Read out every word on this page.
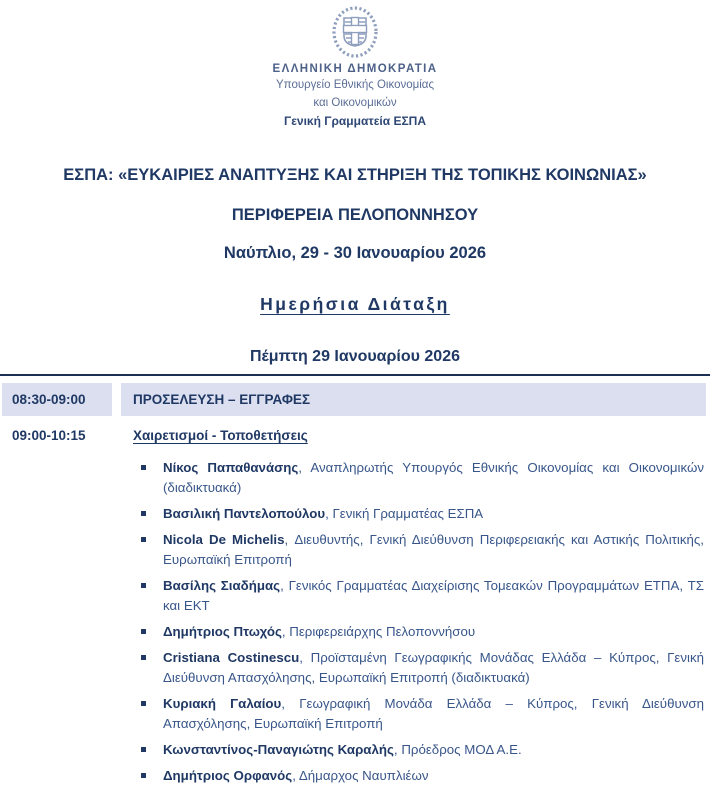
ΕΛΛΗΝΙΚΗ ΔΗΜΟΚΡΑΤΙΑ
Υπουργείο Εθνικής Οικονομίας
και Οικονομικών
Γενική Γραμματεία ΕΣΠΑ
ΕΣΠΑ: «ΕΥΚΑΙΡΙΕΣ ΑΝΑΠΤΥΞΗΣ ΚΑΙ ΣΤΗΡΙΞΗ ΤΗΣ ΤΟΠΙΚΗΣ ΚΟΙΝΩΝΙΑΣ»
ΠΕΡΙΦΕΡΕΙΑ ΠΕΛΟΠΟΝΝΗΣΟΥ
Ναύπλιο, 29 - 30 Ιανουαρίου 2026
Ημερήσια Διάταξη
Πέμπτη 29 Ιανουαρίου 2026
08:30-09:00	ΠΡΟΣΕΛΕΥΣΗ – ΕΓΓΡΑΦΕΣ
09:00-10:15	Χαιρετισμοί - Τοποθετήσεις
Νίκος Παπαθανάσης, Αναπληρωτής Υπουργός Εθνικής Οικονομίας και Οικονομικών (διαδικτυακά)
Βασιλική Παντελοπούλου, Γενική Γραμματέας ΕΣΠΑ
Nicola De Michelis, Διευθυντής, Γενική Διεύθυνση Περιφερειακής και Αστικής Πολιτικής, Ευρωπαϊκή Επιτροπή
Βασίλης Σιαδήμας, Γενικός Γραμματέας Διαχείρισης Τομεακών Προγραμμάτων ΕΤΠΑ, ΤΣ και ΕΚΤ
Δημήτριος Πτωχός, Περιφερειάρχης Πελοποννήσου
Cristiana Costinescu, Προϊσταμένη Γεωγραφικής Μονάδας Ελλάδα – Κύπρος, Γενική Διεύθυνση Απασχόλησης, Ευρωπαϊκή Επιτροπή (διαδικτυακά)
Κυριακή Γαλαίου, Γεωγραφική Μονάδα Ελλάδα – Κύπρος, Γενική Διεύθυνση Απασχόλησης, Ευρωπαϊκή Επιτροπή
Κωνσταντίνος-Παναγιώτης Καραλής, Πρόεδρος ΜΟΔ Α.Ε.
Δημήτριος Ορφανός, Δήμαρχος Ναυπλιέων
